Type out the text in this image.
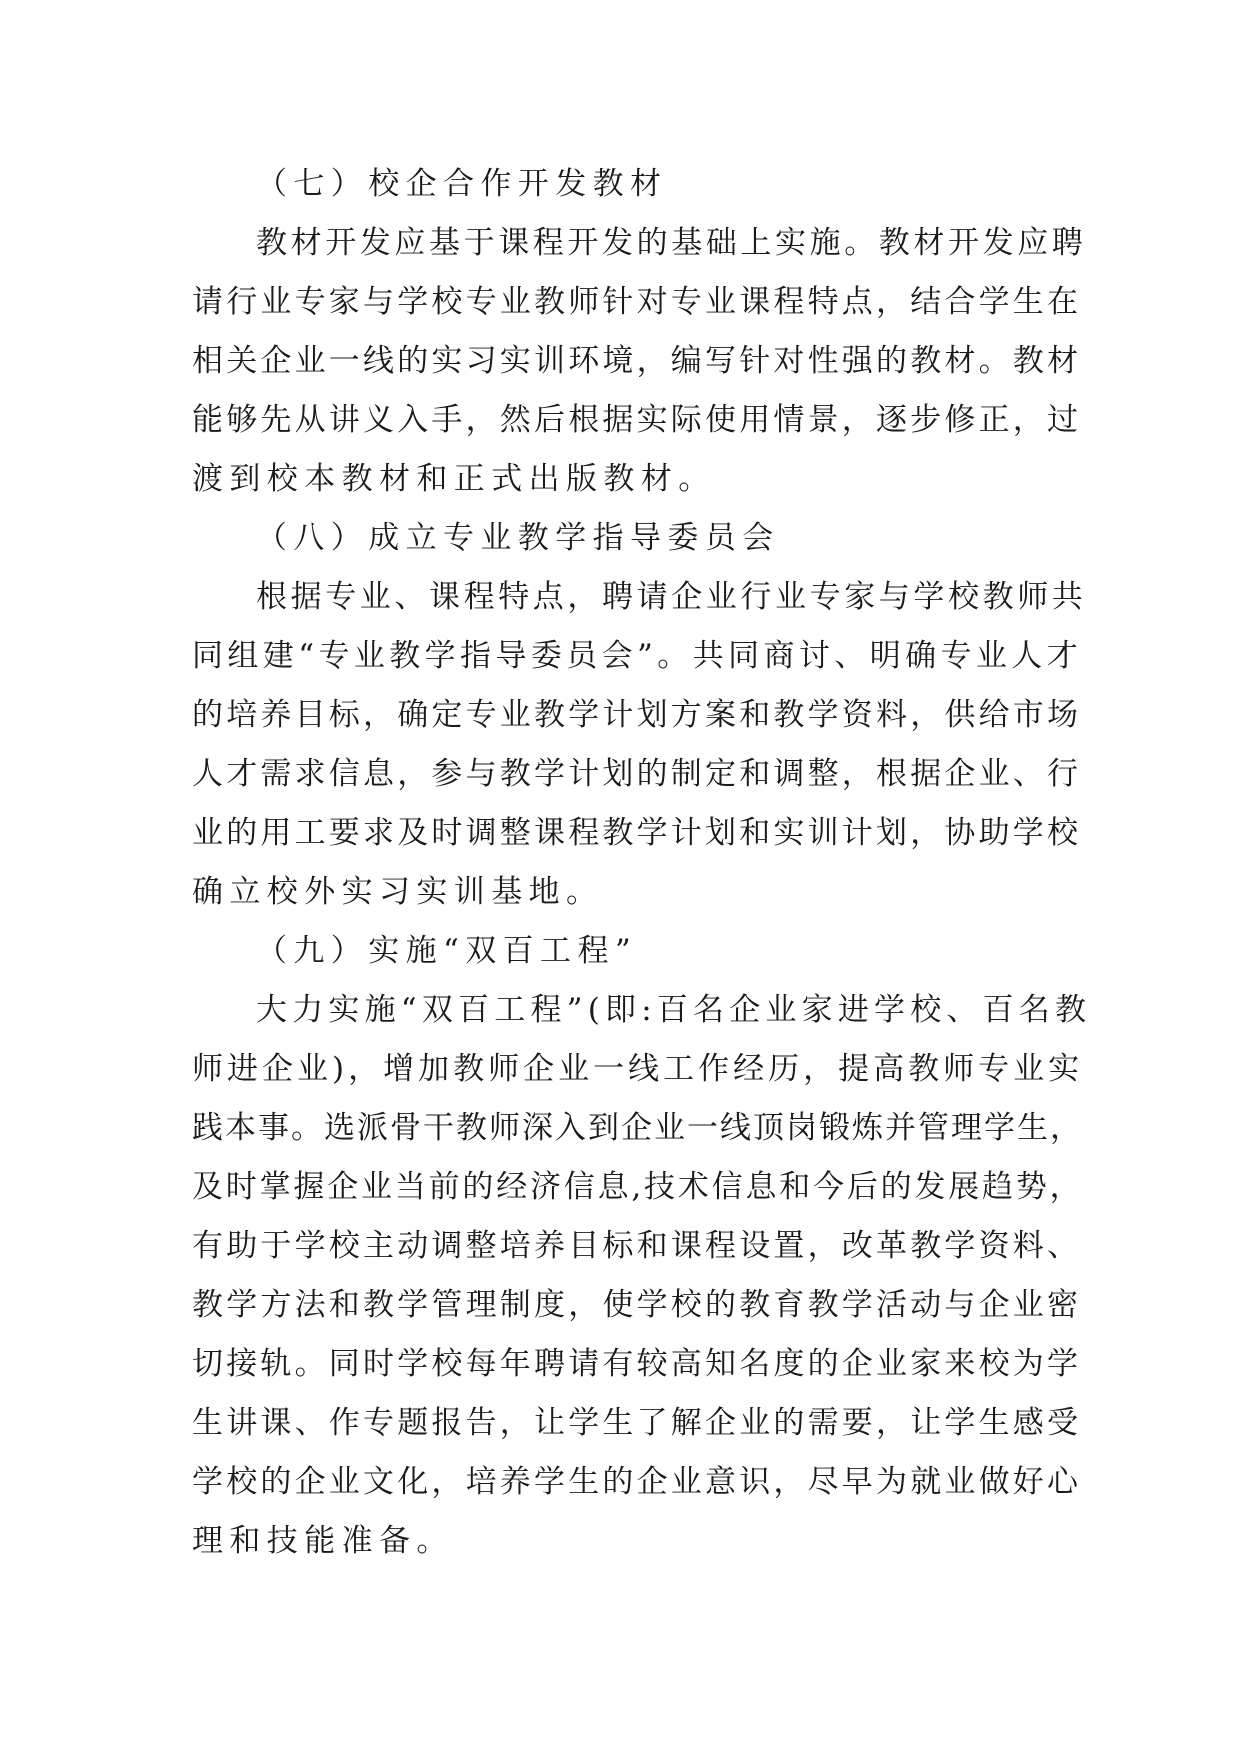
（七）校企合作开发教材
教材开发应基于课程开发的基础上实施。教材开发应聘
请行业专家与学校专业教师针对专业课程特点，结合学生在
相关企业一线的实习实训环境，编写针对性强的教材。教材
能够先从讲义入手，然后根据实际使用情景，逐步修正，过
渡到校本教材和正式出版教材。
（八）成立专业教学指导委员会
根据专业、课程特点，聘请企业行业专家与学校教师共
同组建“专业教学指导委员会”。共同商讨、明确专业人才
的培养目标，确定专业教学计划方案和教学资料，供给市场
人才需求信息，参与教学计划的制定和调整，根据企业、行
业的用工要求及时调整课程教学计划和实训计划，协助学校
确立校外实习实训基地。
（九）实施“双百工程”
大力实施“双百工程”(即:百名企业家进学校、百名教
师进企业)，增加教师企业一线工作经历，提高教师专业实
践本事。选派骨干教师深入到企业一线顶岗锻炼并管理学生，
及时掌握企业当前的经济信息,技术信息和今后的发展趋势，
有助于学校主动调整培养目标和课程设置，改革教学资料、
教学方法和教学管理制度，使学校的教育教学活动与企业密
切接轨。同时学校每年聘请有较高知名度的企业家来校为学
生讲课、作专题报告，让学生了解企业的需要，让学生感受
学校的企业文化，培养学生的企业意识，尽早为就业做好心
理和技能准备。
